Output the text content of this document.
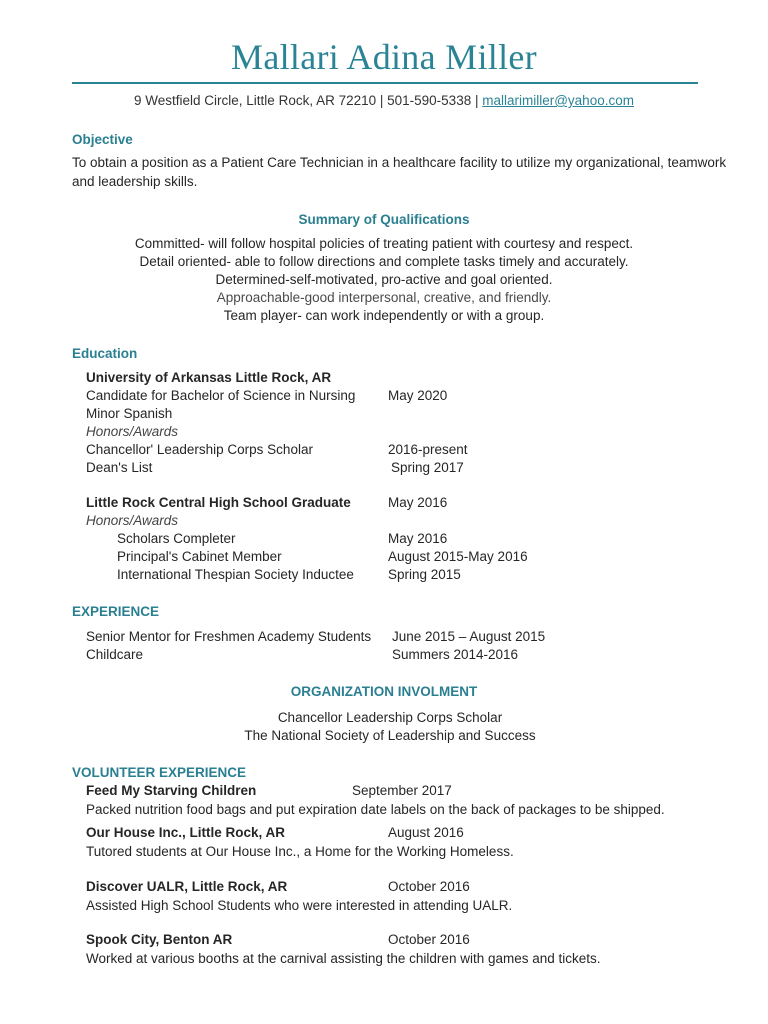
Mallari Adina Miller
9 Westfield Circle, Little Rock, AR 72210 | 501-590-5338 | mallarimiller@yahoo.com
Objective
To obtain a position as a Patient Care Technician in a healthcare facility to utilize my organizational, teamwork
and leadership skills.
Summary of Qualifications
Committed- will follow hospital policies of treating patient with courtesy and respect.
Detail oriented- able to follow directions and complete tasks timely and accurately.
Determined-self-motivated, pro-active and goal oriented.
Approachable-good interpersonal, creative, and friendly.
Team player- can work independently or with a group.
Education
University of Arkansas Little Rock, AR
Candidate for Bachelor of Science in Nursing May 2020
Minor Spanish
Honors/Awards
Chancellor' Leadership Corps Scholar	2016-present
Dean's List	Spring 2017
Little Rock Central High School Graduate	May 2016
Honors/Awards
Scholars Completer	May 2016
Principal's Cabinet Member	August 2015-May 2016
International Thespian Society Inductee	Spring 2015
EXPERIENCE
Senior Mentor for Freshmen Academy Students June 2015 – August 2015
Childcare	Summers 2014-2016
ORGANIZATION INVOLMENT
Chancellor Leadership Corps Scholar
The National Society of Leadership and Success
VOLUNTEER EXPERIENCE
Feed My Starving Children	September 2017
Packed nutrition food bags and put expiration date labels on the back of packages to be shipped.
Our House Inc., Little Rock, AR	August 2016
Tutored students at Our House Inc., a Home for the Working Homeless.
Discover UALR, Little Rock, AR	October 2016
Assisted High School Students who were interested in attending UALR.
Spook City, Benton AR	October 2016
Worked at various booths at the carnival assisting the children with games and tickets.
